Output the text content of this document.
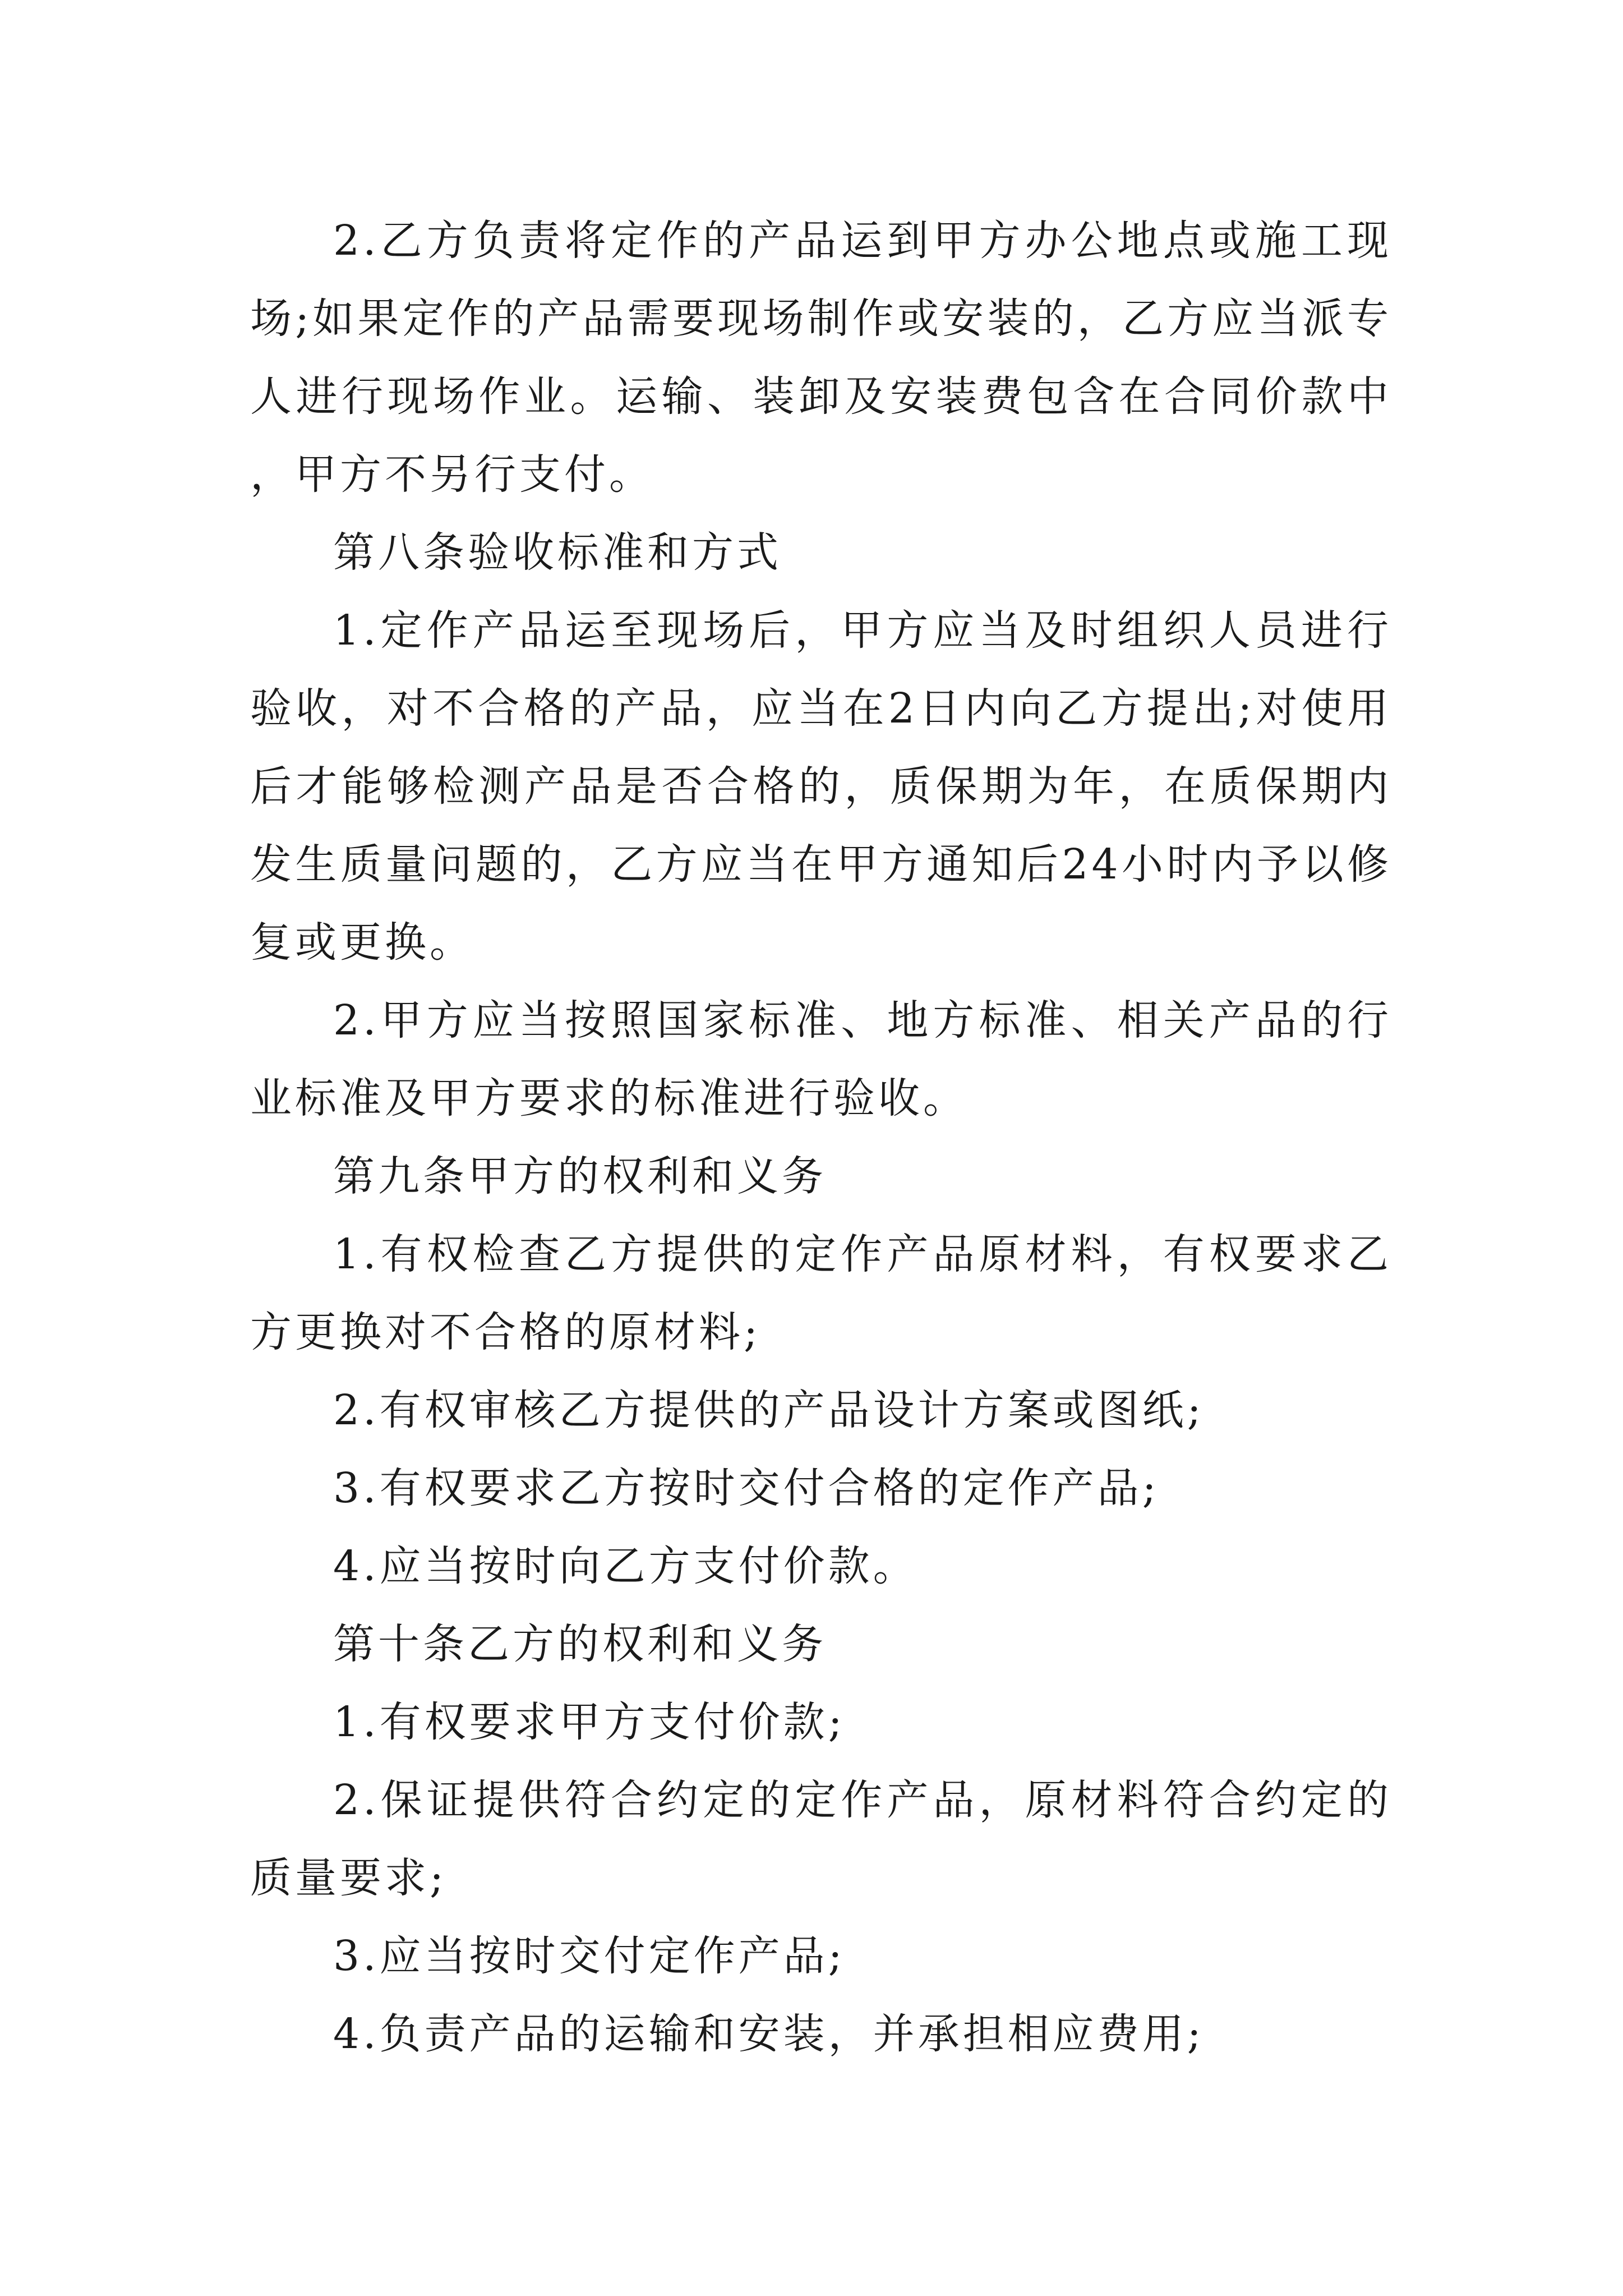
2.乙方负责将定作的产品运到甲方办公地点或施工现场;如果定作的产品需要现场制作或安装的，乙方应当派专人进行现场作业。运输、装卸及安装费包含在合同价款中，甲方不另行支付。

第八条验收标准和方式

1.定作产品运至现场后，甲方应当及时组织人员进行验收，对不合格的产品，应当在2日内向乙方提出;对使用后才能够检测产品是否合格的，质保期为年，在质保期内发生质量问题的，乙方应当在甲方通知后24小时内予以修复或更换。

2.甲方应当按照国家标准、地方标准、相关产品的行业标准及甲方要求的标准进行验收。

第九条甲方的权利和义务

1.有权检查乙方提供的定作产品原材料，有权要求乙方更换对不合格的原材料;

2.有权审核乙方提供的产品设计方案或图纸;

3.有权要求乙方按时交付合格的定作产品;

4.应当按时向乙方支付价款。

第十条乙方的权利和义务

1.有权要求甲方支付价款;

2.保证提供符合约定的定作产品，原材料符合约定的质量要求;

3.应当按时交付定作产品;

4.负责产品的运输和安装，并承担相应费用;
